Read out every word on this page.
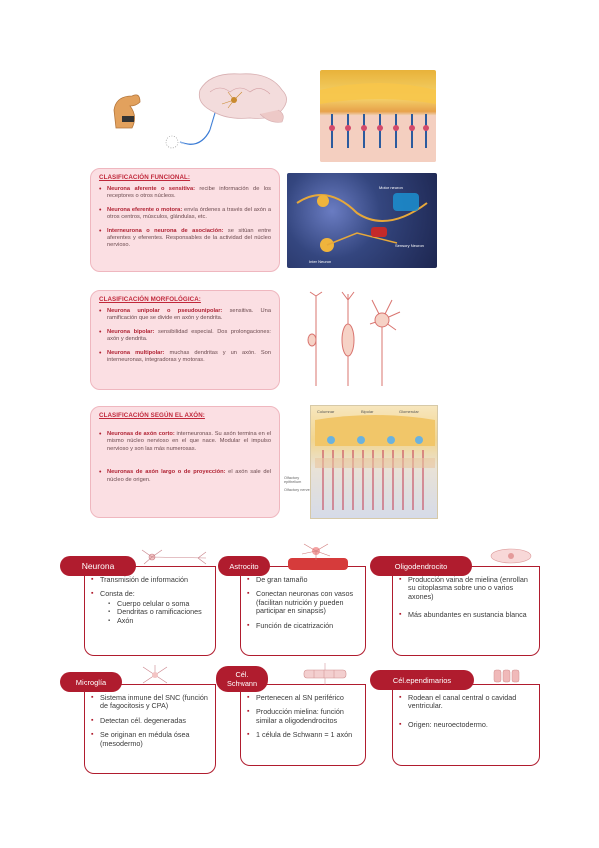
CLASIFICACIÓN FUNCIONAL:
• Neurona aferente o sensitiva: recibe información de los receptores o otros núcleos.
• Neurona eferente o motora: envía órdenes a través del axón a otros centros, músculos, glándulas, etc.
• Interneurona o neurona de asociación: se sitúan entre aferentes y eferentes. Responsables de la actividad del núcleo nervioso.
Motor neuron
Inter Neuron
Sensory Neuron
CLASIFICACIÓN MORFOLÓGICA:
• Neurona unipolar o pseudounipolar: sensitiva. Una ramificación que se divide en axón y dendrita.
• Neurona bipolar: sensibilidad especial. Dos prolongaciones: axón y dendrita.
• Neurona multipolar: muchas dendritas y un axón. Son interneuronas, integradoras y motoras.
CLASIFICACIÓN SEGÚN EL AXÓN:
• Neuronas de axón corto: interneuronas. Su axón termina en el mismo núcleo nervioso en el que nace. Modular el impulso nervioso y son las más numerosas.
• Neuronas de axón largo o de proyección: el axón sale del núcleo de origen.
Columnar	Bipolar	Glomerular
Olfactory epithelium
Olfactory nerve
Neurona	Astrocito	Oligodendrocito
▪ Transmisión de información
▪ Consta de:
▪ Cuerpo celular o soma
▪ Dendritas o ramificaciones
▪ Axón
▪ De gran tamaño
▪ Conectan neuronas con vasos (facilitan nutrición y pueden participar en sinapsis)
▪ Función de cicatrización
▪ Producción vaina de mielina (enrollan su citoplasma sobre uno o varios axones)
▪ Más abundantes en sustancia blanca
Microglía
Cél. Schwann	Cél.ependimarios
▪ Sistema inmune del SNC (función de fagocitosis y CPA)
▪ Detectan cél. degeneradas
▪ Se originan en médula ósea (mesodermo)
▪ Pertenecen al SN periférico
▪ Producción mielina: función similar a oligodendrocitos
▪ 1 célula de Schwann = 1 axón
▪ Rodean el canal central o cavidad ventricular.
▪ Origen: neuroectodermo.
